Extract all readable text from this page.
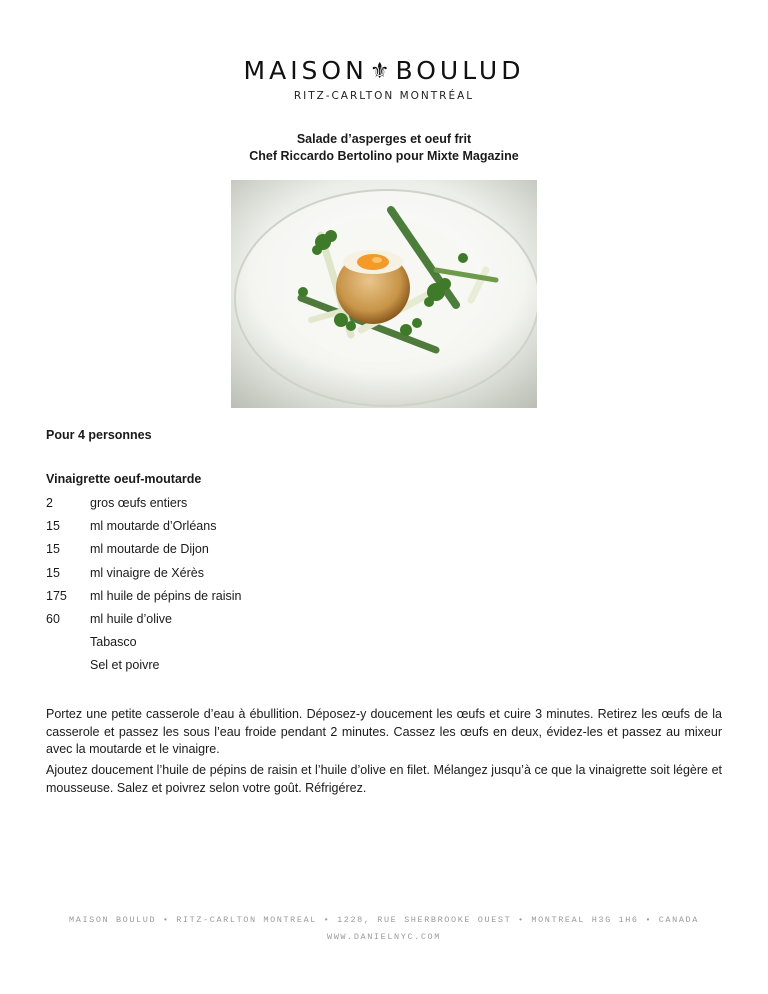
MAISON⚜BOULUD
RITZ-CARLTON MONTRÉAL
Salade d’asperges et oeuf frit
Chef Riccardo Bertolino pour Mixte Magazine
Pour 4 personnes
Vinaigrette oeuf-moutarde
2	gros œufs entiers
15	ml moutarde d’Orléans
15	ml moutarde de Dijon
15	ml vinaigre de Xérès
175	ml huile de pépins de raisin
60	ml huile d’olive
Tabasco
Sel et poivre
Portez une petite casserole d’eau à ébullition. Déposez-y doucement les œufs et cuire 3 minutes. Retirez les œufs de la casserole et passez les sous l’eau froide pendant 2 minutes. Cassez les œufs en deux, évidez-les et passez au mixeur avec la moutarde et le vinaigre.
Ajoutez doucement l’huile de pépins de raisin et l’huile d’olive en filet. Mélangez jusqu’à ce que la vinaigrette soit légère et mousseuse. Salez et poivrez selon votre goût. Réfrigérez.
MAISON BOULUD • RITZ-CARLTON MONTREAL • 1228, RUE SHERBROOKE OUEST • MONTREAL H3G 1H6 • CANADA
WWW.DANIELNYC.COM
